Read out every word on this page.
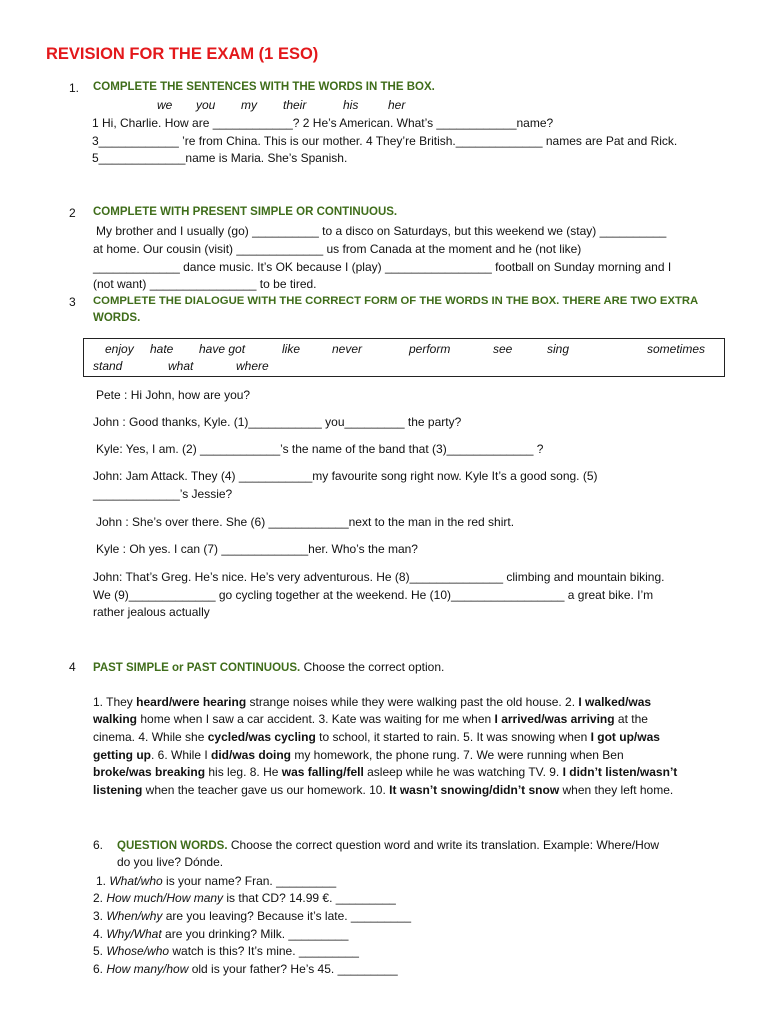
REVISION FOR THE EXAM (1 ESO)
1. COMPLETE THE SENTENCES WITH THE WORDS IN THE BOX.
we you my their	his her
1 Hi, Charlie. How are ____________? 2 He’s American. What’s ____________name?
3____________ ’re from China. This is our mother. 4 They’re British._____________ names are Pat and Rick.
5_____________name is Maria. She’s Spanish.
2 COMPLETE WITH PRESENT SIMPLE OR CONTINUOUS.
My brother and I usually (go) __________ to a disco on Saturdays, but this weekend we (stay) __________
at home. Our cousin (visit) _____________ us from Canada at the moment and he (not like)
_____________ dance music. It’s OK because I (play) ________________ football on Sunday morning and I
(not want) ________________ to be tired.
3 COMPLETE THE DIALOGUE WITH THE CORRECT FORM OF THE WORDS IN THE BOX. THERE ARE TWO EXTRA
WORDS.
enjoy hate have got	like	never	perform	see	sing	sometimes
stand	what	where
Pete : Hi John, how are you?
John : Good thanks, Kyle. (1)___________ you_________ the party?
Kyle: Yes, I am. (2) ____________’s the name of the band that (3)_____________ ?
John: Jam Attack. They (4) ___________my favourite song right now. Kyle It’s a good song. (5)
_____________’s Jessie?
John : She’s over there. She (6) ____________next to the man in the red shirt.
Kyle : Oh yes. I can (7) _____________her. Who’s the man?
John: That’s Greg. He’s nice. He’s very adventurous. He (8)______________ climbing and mountain biking.
We (9)_____________ go cycling together at the weekend. He (10)_________________ a great bike. I’m
rather jealous actually
4 PAST SIMPLE or PAST CONTINUOUS. Choose the correct option.
1. They heard/were hearing strange noises while they were walking past the old house. 2. I walked/was
walking home when I saw a car accident. 3. Kate was waiting for me when I arrived/was arriving at the
cinema. 4. While she cycled/was cycling to school, it started to rain. 5. It was snowing when I got up/was
getting up. 6. While I did/was doing my homework, the phone rung. 7. We were running when Ben
broke/was breaking his leg. 8. He was falling/fell asleep while he was watching TV. 9. I didn’t listen/wasn’t
listening when the teacher gave us our homework. 10. It wasn’t snowing/didn’t snow when they left home.
6. QUESTION WORDS. Choose the correct question word and write its translation. Example: Where/How
do you live? Dónde.
1. What/who is your name? Fran. _________
2. How much/How many is that CD? 14.99 €. _________
3. When/why are you leaving? Because it’s late. _________
4. Why/What are you drinking? Milk. _________
5. Whose/who watch is this? It’s mine. _________
6. How many/how old is your father? He’s 45. _________
